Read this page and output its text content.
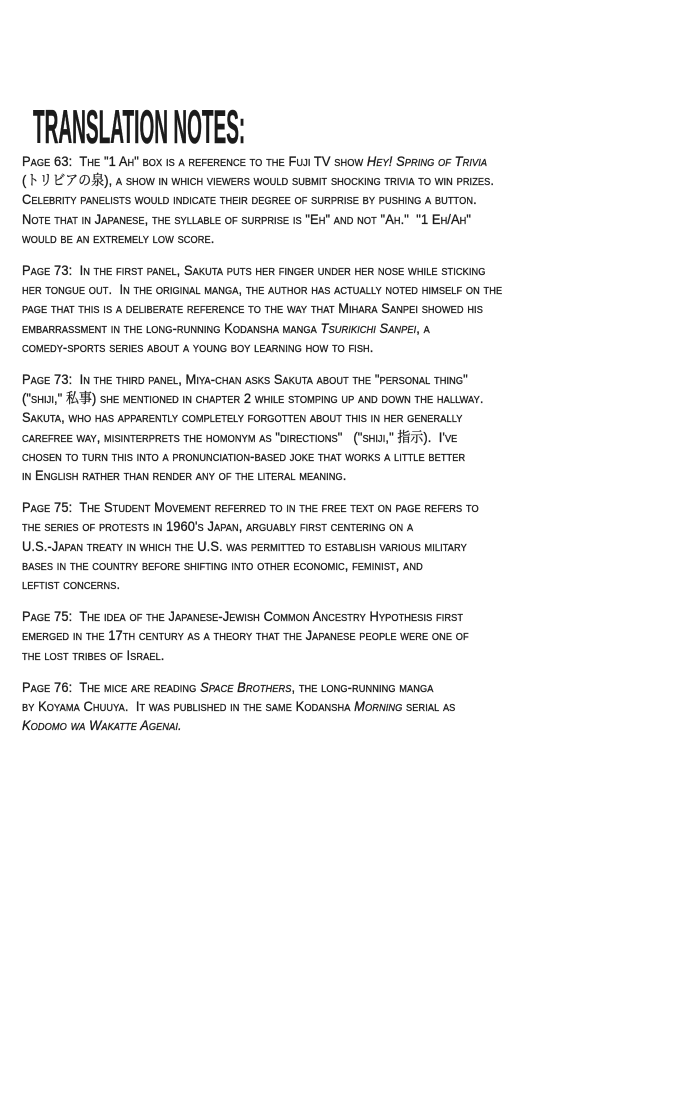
TRANSLATION NOTES:
Page 63:  The "1 Ah" box is a reference to the Fuji TV show Hey! Spring of Trivia
(トリビアの泉), a show in which viewers would submit shocking trivia to win prizes.
Celebrity panelists would indicate their degree of surprise by pushing a button.
Note that in Japanese, the syllable of surprise is "Eh" and not "Ah."  "1 Eh/Ah"
would be an extremely low score.
Page 73:  In the first panel, Sakuta puts her finger under her nose while sticking
her tongue out.  In the original manga, the author has actually noted himself on the
page that this is a deliberate reference to the way that Mihara Sanpei showed his
embarrassment in the long-running Kodansha manga Tsurikichi Sanpei, a
comedy-sports series about a young boy learning how to fish.
Page 73:  In the third panel, Miya-chan asks Sakuta about the "personal thing"
("shiji," 私事) she mentioned in chapter 2 while stomping up and down the hallway.
Sakuta, who has apparently completely forgotten about this in her generally
carefree way, misinterprets the homonym as "directions"   ("shiji," 指示).  I've
chosen to turn this into a pronunciation-based joke that works a little better
in English rather than render any of the literal meaning.
Page 75:  The Student Movement referred to in the free text on page refers to
the series of protests in 1960's Japan, arguably first centering on a
U.S.-Japan treaty in which the U.S. was permitted to establish various military
bases in the country before shifting into other economic, feminist, and
leftist concerns.
Page 75:  The idea of the Japanese-Jewish Common Ancestry Hypothesis first
emerged in the 17th century as a theory that the Japanese people were one of
the lost tribes of Israel.
Page 76:  The mice are reading Space Brothers, the long-running manga
by Koyama Chuuya.  It was published in the same Kodansha Morning serial as
Kodomo wa Wakatte Agenai.
